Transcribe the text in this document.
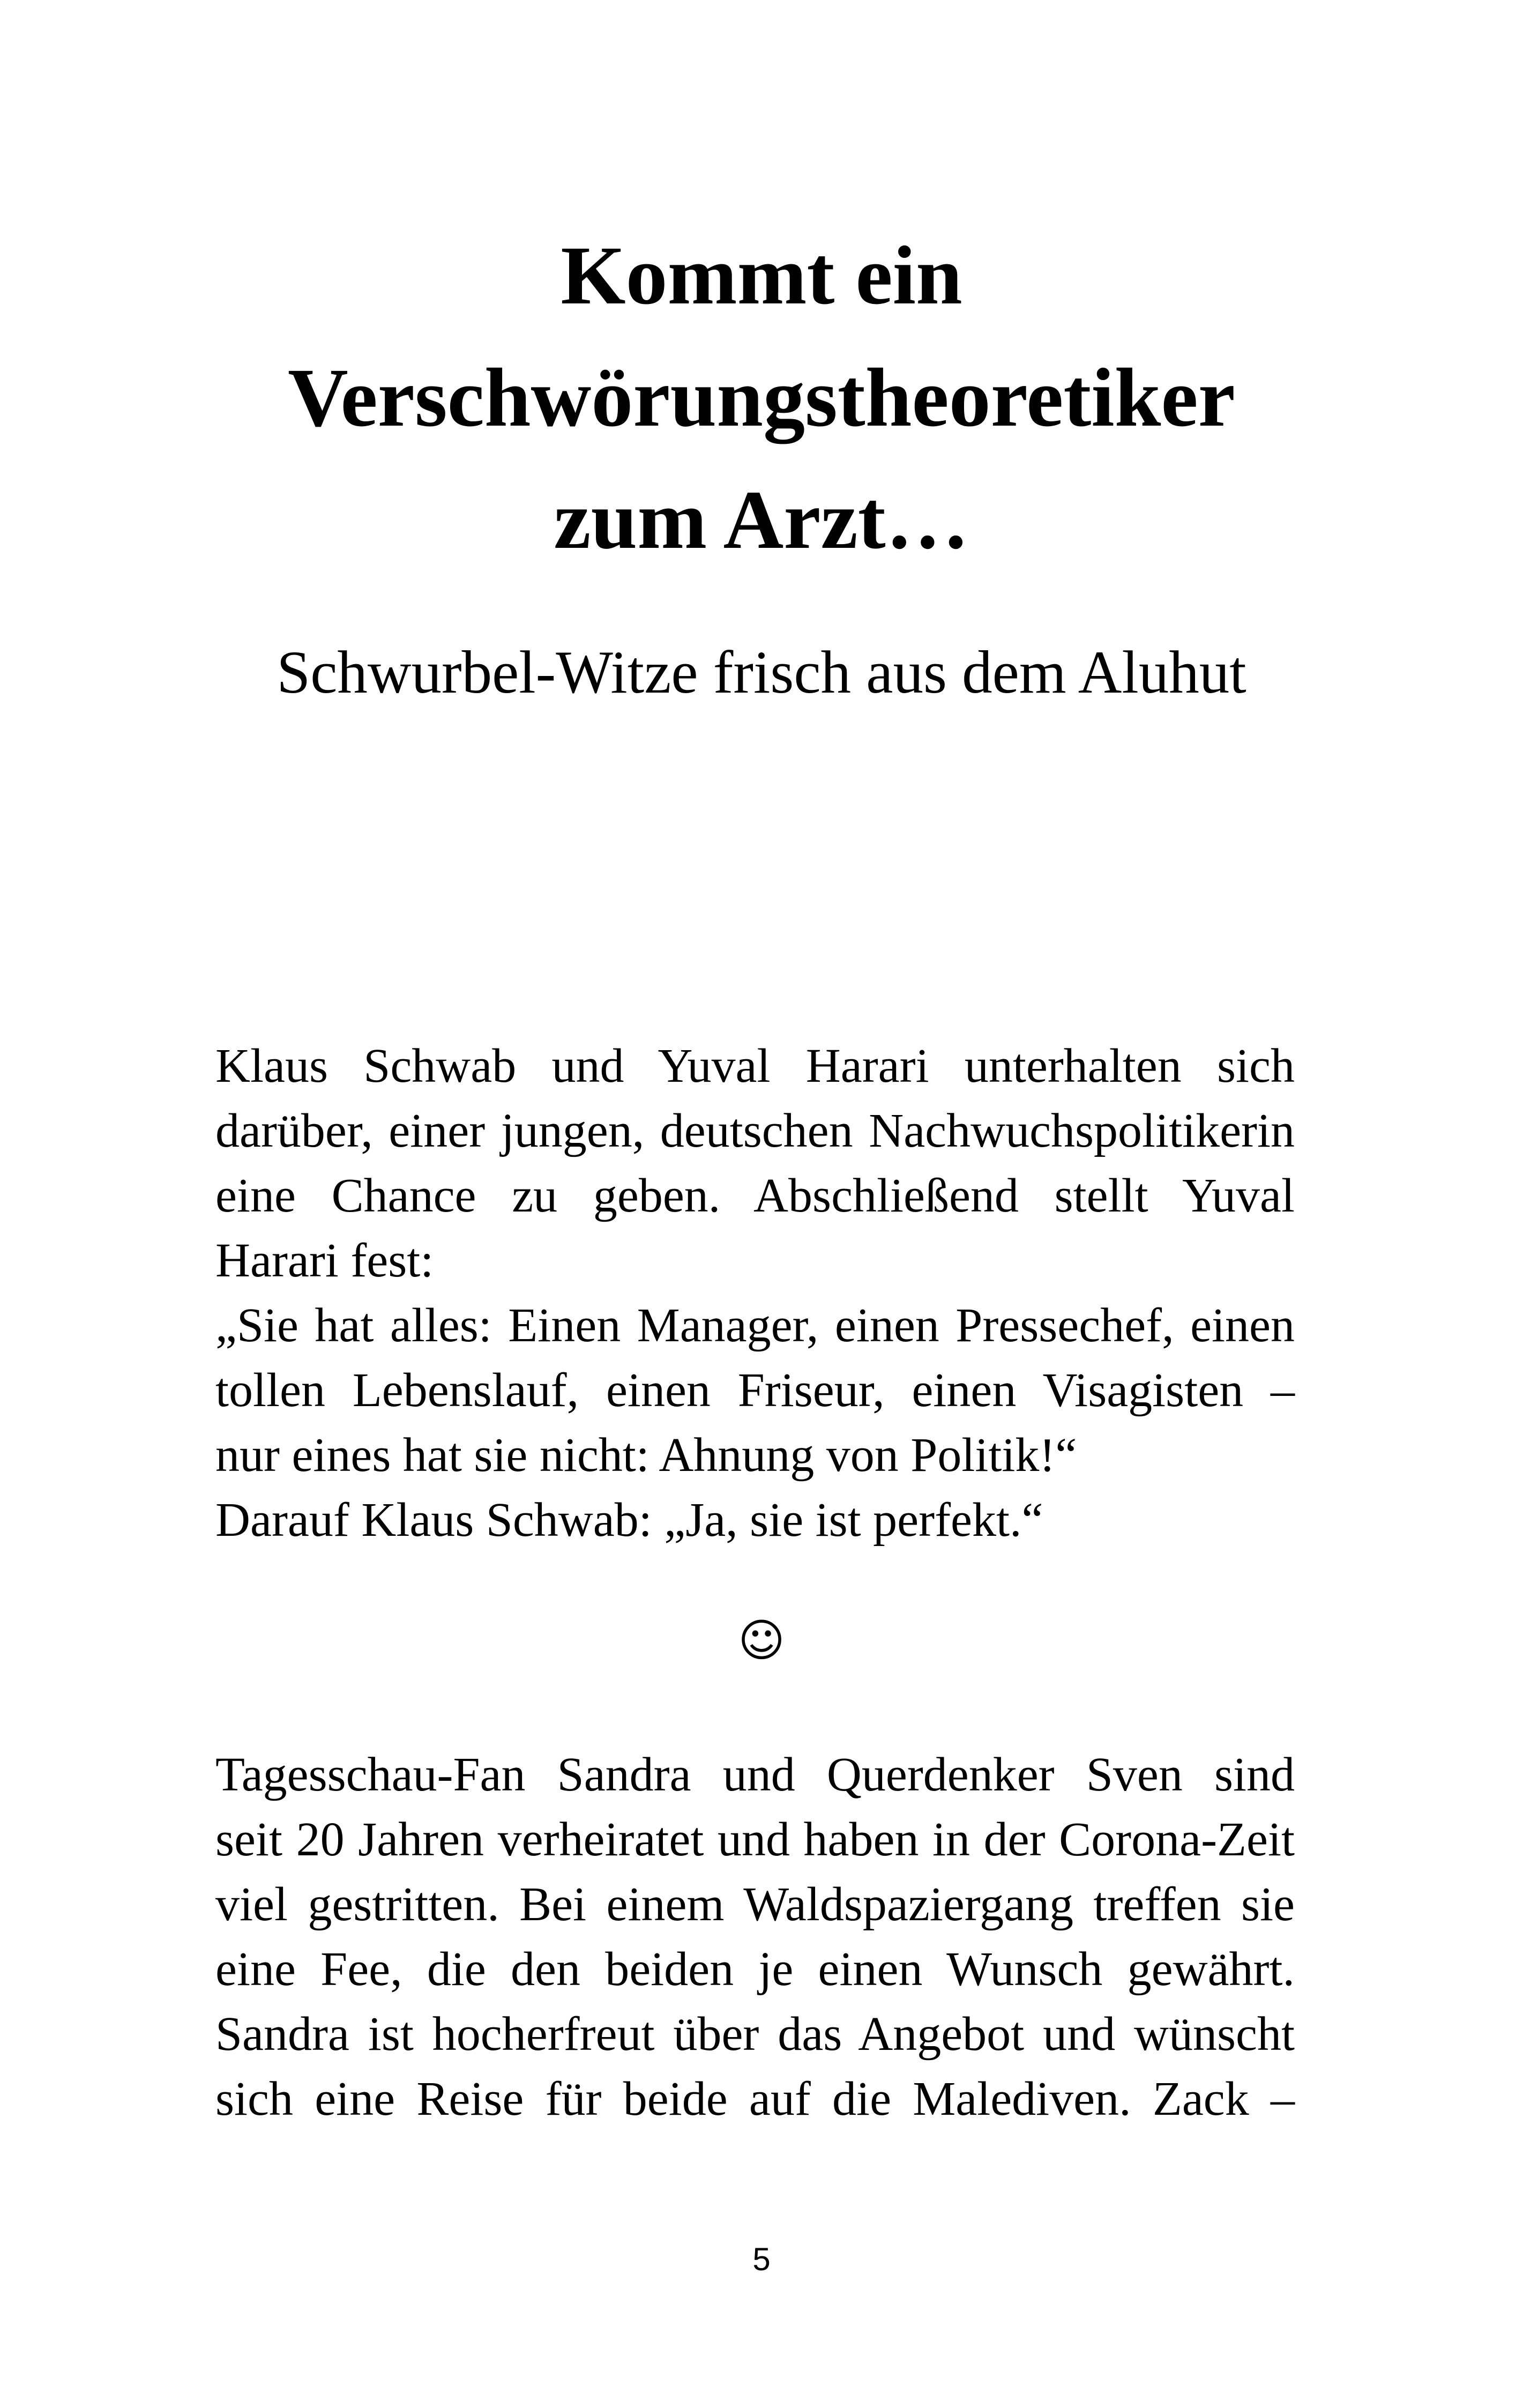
Kommt ein
Verschwörungstheoretiker
zum Arzt…
Schwurbel-Witze frisch aus dem Aluhut
Klaus Schwab und Yuval Harari unterhalten sich
darüber, einer jungen, deutschen Nachwuchspolitikerin
eine Chance zu geben. Abschließend stellt Yuval
Harari fest:
„Sie hat alles: Einen Manager, einen Pressechef, einen
tollen Lebenslauf, einen Friseur, einen Visagisten –
nur eines hat sie nicht: Ahnung von Politik!“
Darauf Klaus Schwab: „Ja, sie ist perfekt.“
☺
Tagesschau-Fan Sandra und Querdenker Sven sind
seit 20 Jahren verheiratet und haben in der Corona-Zeit
viel gestritten. Bei einem Waldspaziergang treffen sie
eine Fee, die den beiden je einen Wunsch gewährt.
Sandra ist hocherfreut über das Angebot und wünscht
sich eine Reise für beide auf die Malediven. Zack –
5
